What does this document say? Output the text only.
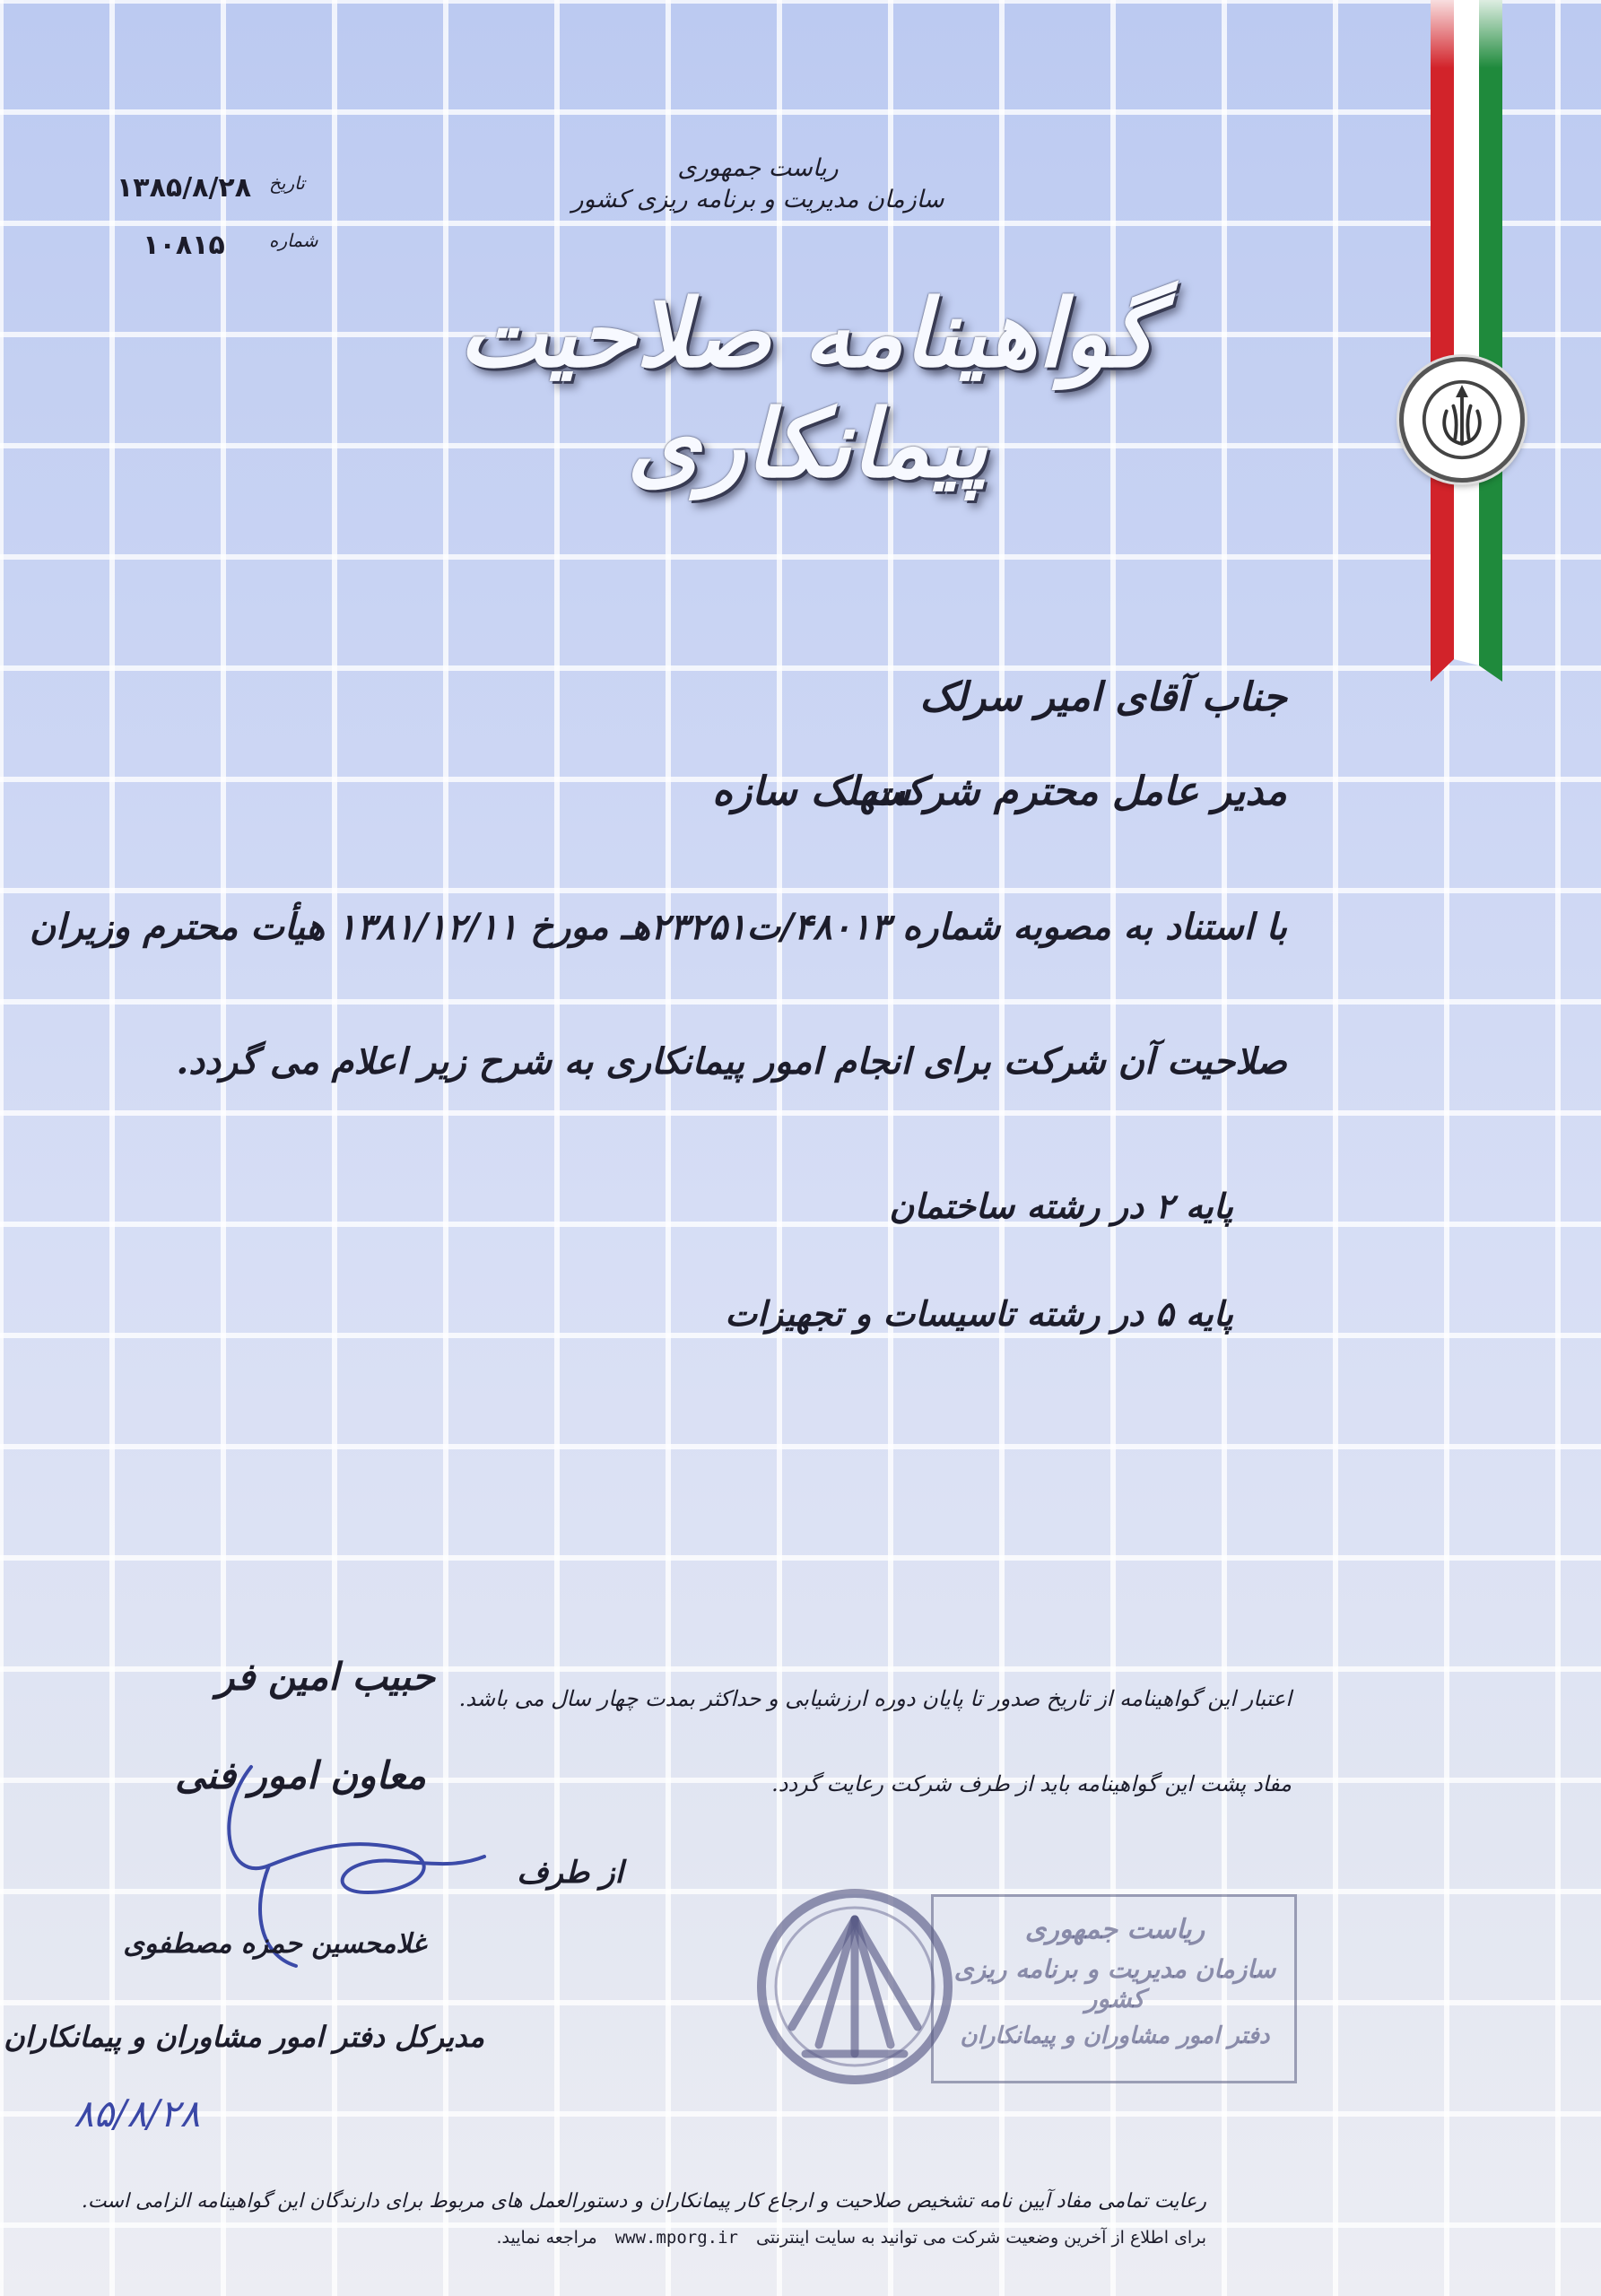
ریاست جمهوری
سازمان مدیریت و برنامه ریزی کشور
۱۳۸۵/۸/۲۸ تاریخ
۱۰۸۱۵	شماره
گواهینامه صلاحیت پیمانکاری
جناب آقای امیر سرلک
مدیر عامل محترم شرکت
سهلک سازه
با استناد به مصوبه شماره ۴۸۰۱۳/ت۲۳۲۵۱هـ مورخ ۱۳۸۱/۱۲/۱۱ هیأت محترم وزیران
صلاحیت آن شرکت برای انجام امور پیمانکاری به شرح زیر اعلام می گردد.
پایه ۲ در رشته ساختمان
پایه ۵ در رشته تاسیسات و تجهیزات
اعتبار این گواهینامه از تاریخ صدور تا پایان دوره ارزشیابی و حداکثر بمدت چهار سال می باشد.
مفاد پشت این گواهینامه باید از طرف شرکت رعایت گردد.
از طرف
حبیب امین فر
معاون امور فنی
غلامحسین حمزه مصطفوی
مدیرکل دفتر امور مشاوران و پیمانکاران
۸۵/۸/۲۸
ریاست جمهوری
سازمان مدیریت و برنامه ریزی کشور
دفتر امور مشاوران و پیمانکاران
رعایت تمامی مفاد آیین نامه تشخیص صلاحیت و ارجاع کار پیمانکاران و دستورالعمل های مربوط برای دارندگان این گواهینامه الزامی است.
برای اطلاع از آخرین وضعیت شرکت می توانید به سایت اینترنتی www.mporg.ir مراجعه نمایید.
